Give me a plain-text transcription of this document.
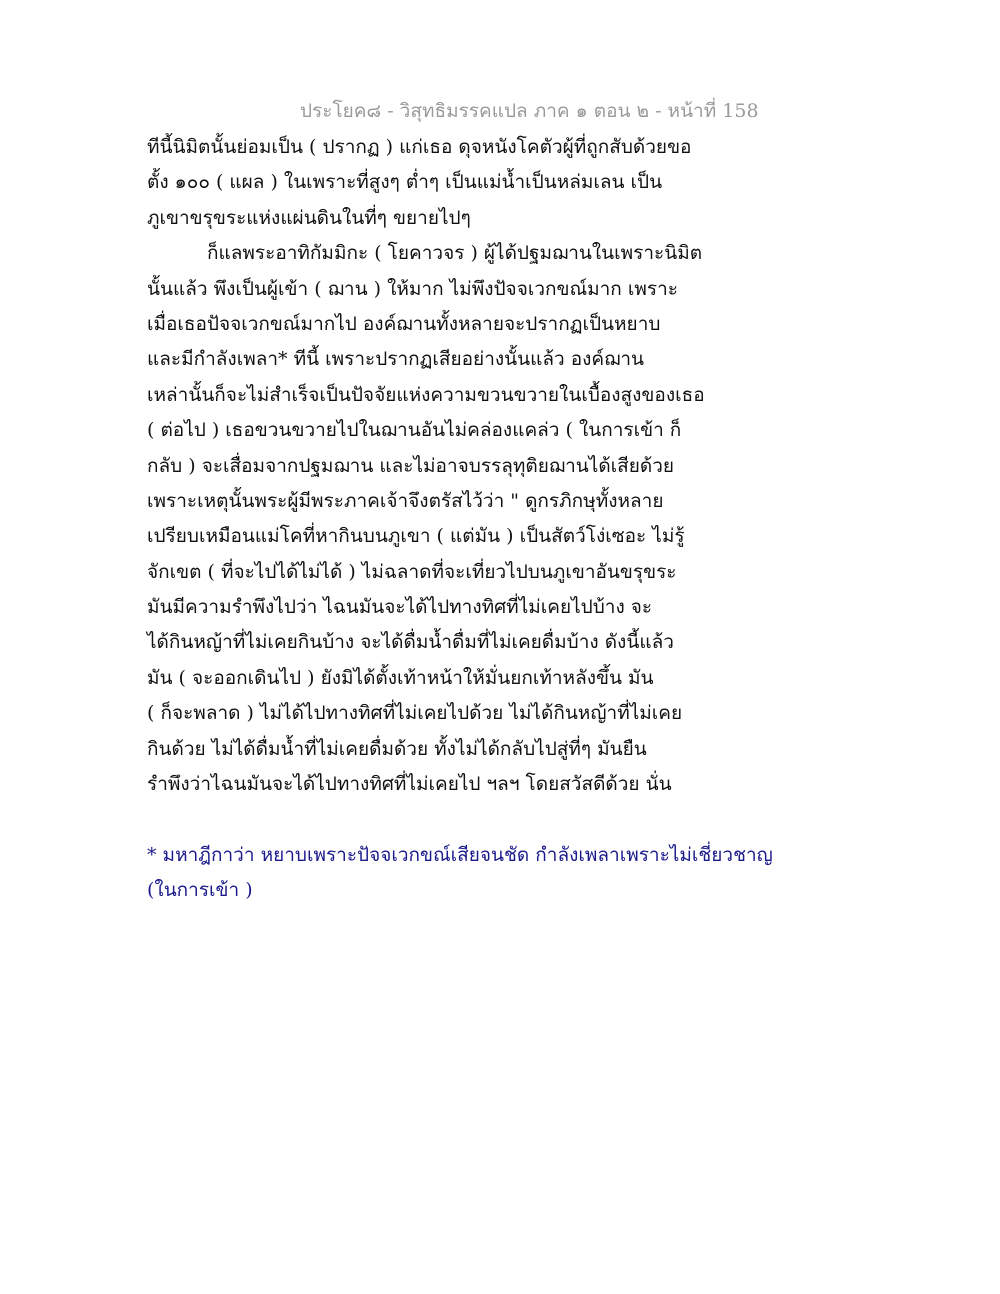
ประโยค๘ - วิสุทธิมรรคแปล ภาค ๑ ตอน ๒ - หน้าที่ 158
ทีนี้นิมิตนั้นย่อมเป็น ( ปรากฏ ) แก่เธอ ดุจหนังโคตัวผู้ที่ถูกสับด้วยขอ
ตั้ง ๑๐๐ ( แผล ) ในเพราะที่สูงๆ ต่ำๆ เป็นแม่น้ำเป็นหล่มเลน เป็น
ภูเขาขรุขระแห่งแผ่นดินในที่ๆ ขยายไปๆ
ก็แลพระอาทิกัมมิกะ ( โยคาวจร ) ผู้ได้ปฐมฌานในเพราะนิมิต
นั้นแล้ว พึงเป็นผู้เข้า ( ฌาน ) ให้มาก ไม่พึงปัจจเวกขณ์มาก เพราะ
เมื่อเธอปัจจเวกขณ์มากไป องค์ฌานทั้งหลายจะปรากฏเป็นหยาบ
และมีกำลังเพลา* ทีนี้ เพราะปรากฏเสียอย่างนั้นแล้ว องค์ฌาน
เหล่านั้นก็จะไม่สำเร็จเป็นปัจจัยแห่งความขวนขวายในเบื้องสูงของเธอ
( ต่อไป ) เธอขวนขวายไปในฌานอันไม่คล่องแคล่ว ( ในการเข้า ก็
กลับ ) จะเสื่อมจากปฐมฌาน และไม่อาจบรรลุทุติยฌานได้เสียด้วย
เพราะเหตุนั้นพระผู้มีพระภาคเจ้าจึงตรัสไว้ว่า " ดูกรภิกษุทั้งหลาย
เปรียบเหมือนแม่โคที่หากินบนภูเขา ( แต่มัน ) เป็นสัตว์โง่เซอะ ไม่รู้
จักเขต ( ที่จะไปได้ไม่ได้ ) ไม่ฉลาดที่จะเที่ยวไปบนภูเขาอันขรุขระ
มันมีความรำพึงไปว่า ไฉนมันจะได้ไปทางทิศที่ไม่เคยไปบ้าง จะ
ได้กินหญ้าที่ไม่เคยกินบ้าง จะได้ดื่มน้ำดื่มที่ไม่เคยดื่มบ้าง ดังนี้แล้ว
มัน ( จะออกเดินไป ) ยังมิได้ตั้งเท้าหน้าให้มั่นยกเท้าหลังขึ้น มัน
( ก็จะพลาด ) ไม่ได้ไปทางทิศที่ไม่เคยไปด้วย ไม่ได้กินหญ้าที่ไม่เคย
กินด้วย ไม่ได้ดื่มน้ำที่ไม่เคยดื่มด้วย ทั้งไม่ได้กลับไปสู่ที่ๆ มันยืน
รำพึงว่าไฉนมันจะได้ไปทางทิศที่ไม่เคยไป ฯลฯ โดยสวัสดีด้วย นั่น
* มหาฎีกาว่า หยาบเพราะปัจจเวกขณ์เสียจนชัด กำลังเพลาเพราะไม่เชี่ยวชาญ
(ในการเข้า )
